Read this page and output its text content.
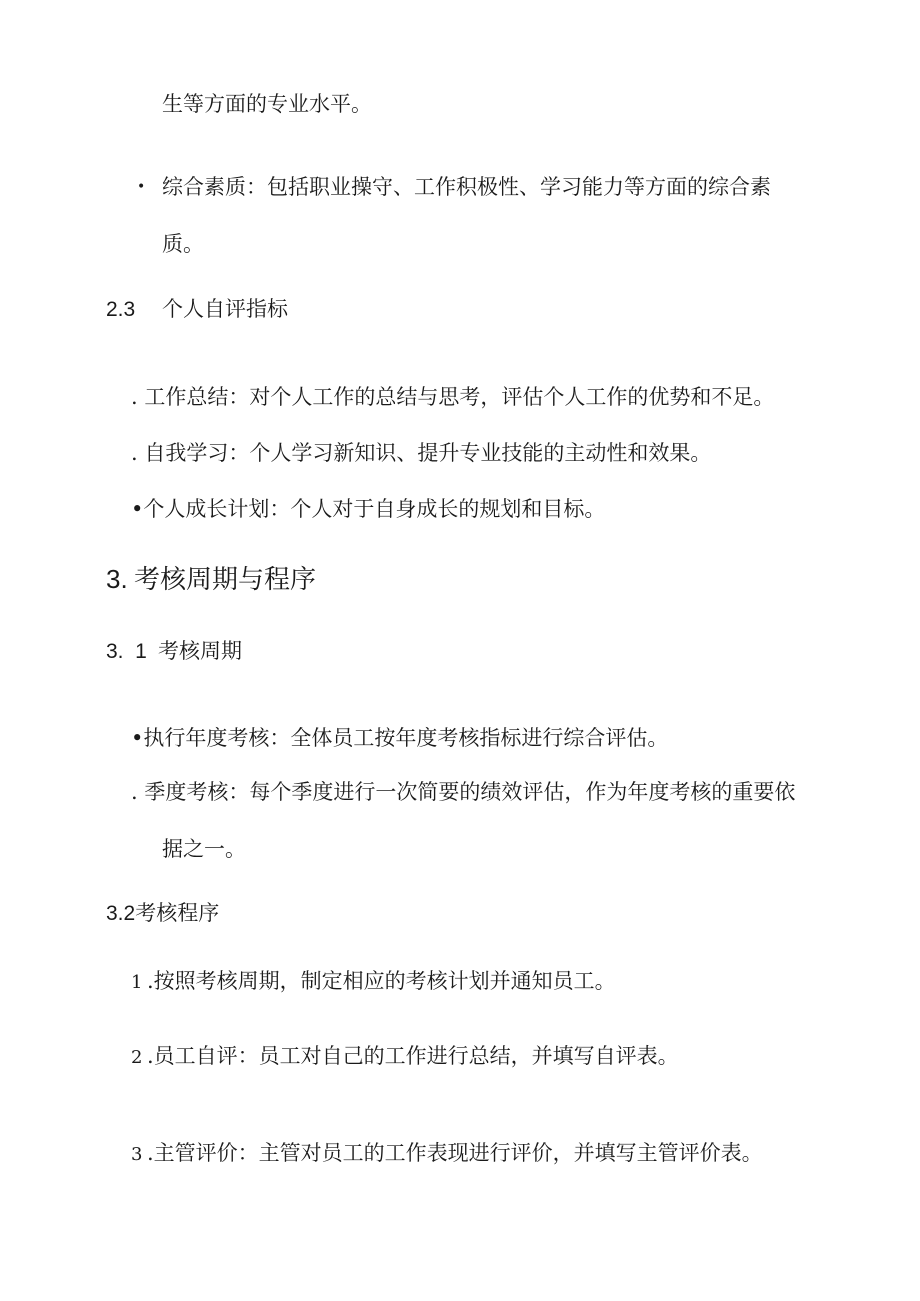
生等方面的专业水平。
• 综合素质：包括职业操守、工作积极性、学习能力等方面的综合素
质。
2.3 个人自评指标
. 工作总结：对个人工作的总结与思考，评估个人工作的优势和不足。
. 自我学习：个人学习新知识、提升专业技能的主动性和效果。
•个人成长计划：个人对于自身成长的规划和目标。
3. 考核周期与程序
3.  1 考核周期
•执行年度考核：全体员工按年度考核指标进行综合评估。
. 季度考核：每个季度进行一次简要的绩效评估，作为年度考核的重要依
据之一。
3.2考核程序
1 .按照考核周期，制定相应的考核计划并通知员工。
2 .员工自评：员工对自己的工作进行总结，并填写自评表。
3 .主管评价：主管对员工的工作表现进行评价，并填写主管评价表。
